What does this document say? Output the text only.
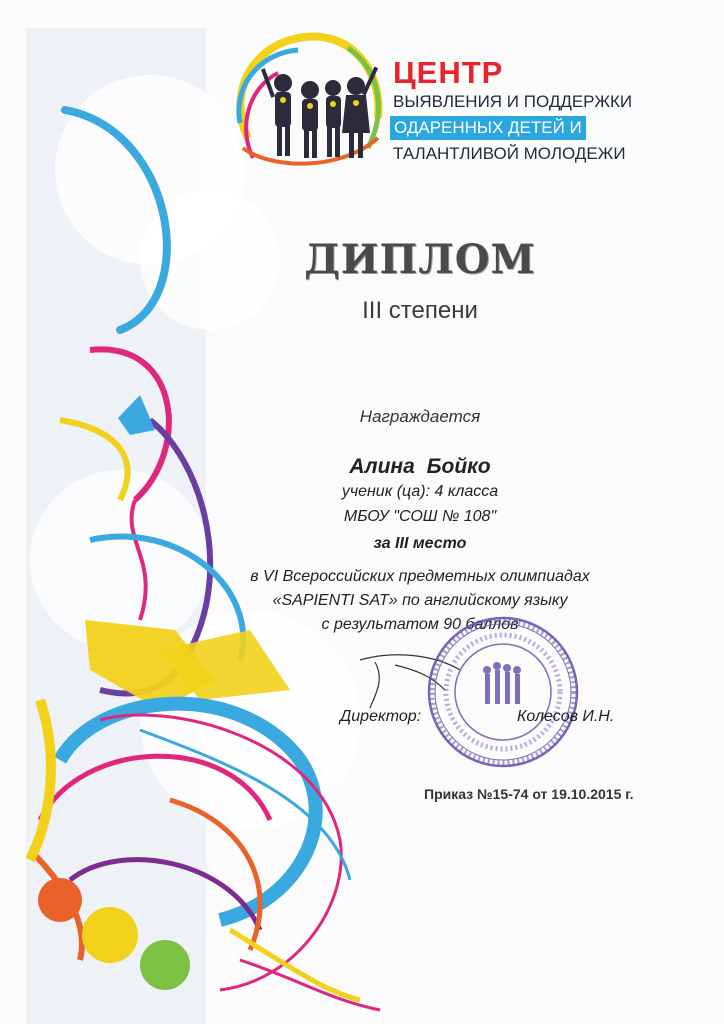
ЦЕНТР
ВЫЯВЛЕНИЯ И ПОДДЕРЖКИ
ОДАРЕННЫХ ДЕТЕЙ И
ТАЛАНТЛИВОЙ МОЛОДЕЖИ
ДИПЛОМ
III степени
Награждается
Алина Бойко
ученик (ца): 4 класса
МБОУ "СОШ № 108"
за III место
в VI Всероссийских предметных олимпиадах
«SAPIENTI SAT» по английскому языку
с результатом 90 баллов
Директор:	Колесов И.Н.
Приказ №15-74 от 19.10.2015 г.
